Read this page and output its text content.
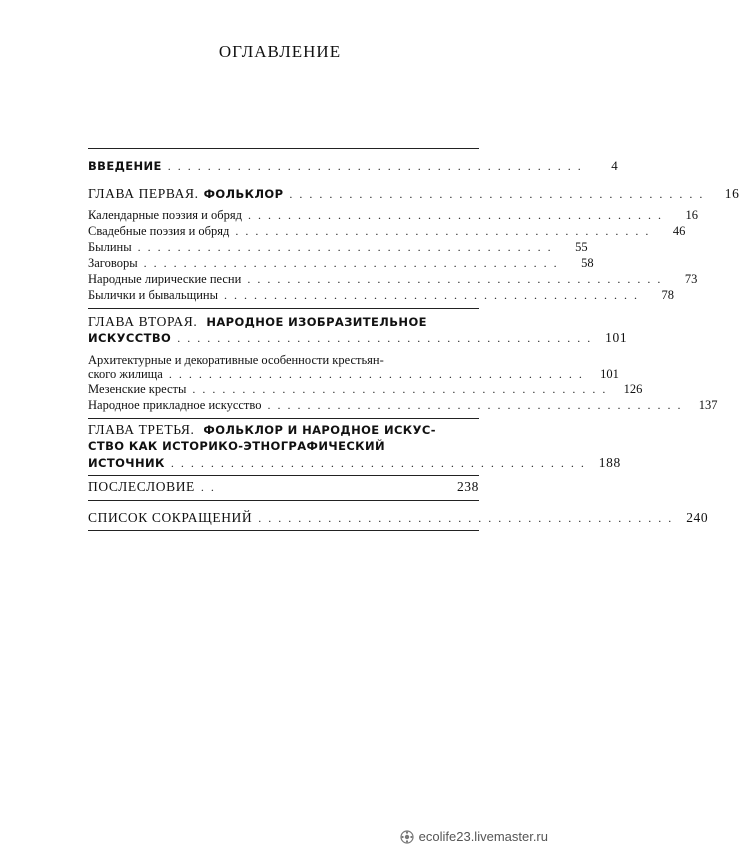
ОГЛАВЛЕНИЕ
ВВЕДЕНИЕ ..........................................	4
ГЛАВА ПЕРВАЯ. ФОЛЬКЛОР ..........................................	16
Календарные поэзия и обряд ..........................................	16
Свадебные поэзия и обряд ..........................................	46
Былины ..........................................	55
Заговоры ..........................................	58
Народные лирические песни ..........................................	73
Былички и бывальщины ..........................................	78
ГЛАВА ВТОРАЯ. НАРОДНОЕ ИЗОБРАЗИТЕЛЬНОЕ
ИСКУССТВО .......................................... 101
Архитектурные и декоративные особенности крестьян-
ского жилища .......................................... 101
Мезенские кресты .......................................... 126
Народное прикладное искусство .......................................... 137
ГЛАВА ТРЕТЬЯ. ФОЛЬКЛОР И НАРОДНОЕ ИСКУС-
СТВО КАК ИСТОРИКО-ЭТНОГРАФИЧЕСКИЙ
ИСТОЧНИК .......................................... 188
ПОСЛЕСЛОВИЕ ..	238
СПИСОК СОКРАЩЕНИЙ .......................................... 240
ecolife23.livemaster.ru
